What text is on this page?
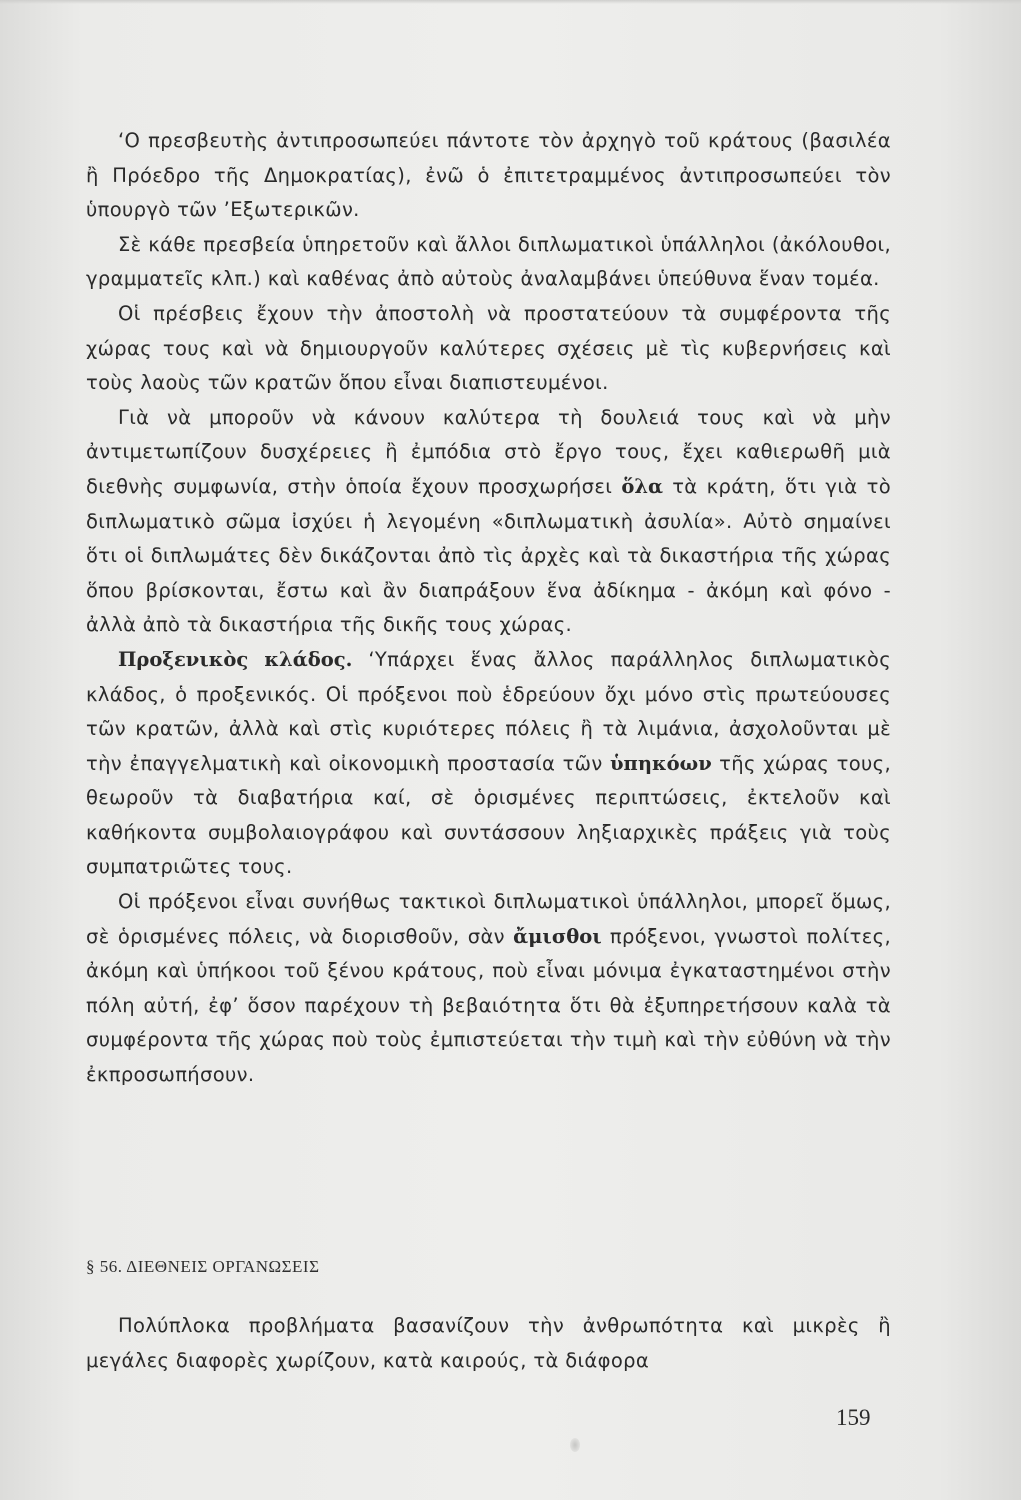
‘Ο πρεσβευτὴς ἀντιπροσωπεύει πάντοτε τὸν ἀρχηγὸ τοῦ κράτους (βασιλέα ἢ Πρόεδρο τῆς Δημοκρατίας), ἐνῶ ὁ ἐπιτετραμμένος ἀντιπροσωπεύει τὸν ὑπουργὸ τῶν ’Εξωτερικῶν.

Σὲ κάθε πρεσβεία ὑπηρετοῦν καὶ ἄλλοι διπλωματικοὶ ὑπάλληλοι (ἀκόλουθοι, γραμματεῖς κλπ.) καὶ καθένας ἀπὸ αὐτοὺς ἀναλαμβάνει ὑπεύθυνα ἕναν τομέα.

Οἱ πρέσβεις ἔχουν τὴν ἀποστολὴ νὰ προστατεύουν τὰ συμφέροντα τῆς χώρας τους καὶ νὰ δημιουργοῦν καλύτερες σχέσεις μὲ τὶς κυβερνήσεις καὶ τοὺς λαοὺς τῶν κρατῶν ὅπου εἶναι διαπιστευμένοι.

Γιὰ νὰ μποροῦν νὰ κάνουν καλύτερα τὴ δουλειά τους καὶ νὰ μὴν ἀντιμετωπίζουν δυσχέρειες ἢ ἐμπόδια στὸ ἔργο τους, ἔχει καθιερωθῆ μιὰ διεθνὴς συμφωνία, στὴν ὁποία ἔχουν προσχωρήσει ὅλα τὰ κράτη, ὅτι γιὰ τὸ διπλωματικὸ σῶμα ἰσχύει ἡ λεγομένη «διπλωματικὴ ἀσυλία». Αὐτὸ σημαίνει ὅτι οἱ διπλωμάτες δὲν δικάζονται ἀπὸ τὶς ἀρχὲς καὶ τὰ δικαστήρια τῆς χώρας ὅπου βρίσκονται, ἔστω καὶ ἂν διαπράξουν ἕνα ἀδίκημα - ἀκόμη καὶ φόνο - ἀλλὰ ἀπὸ τὰ δικαστήρια τῆς δικῆς τους χώρας.

Προξενικὸς κλάδος. ‘Υπάρχει ἕνας ἄλλος παράλληλος διπλωματικὸς κλάδος, ὁ προξενικός. Οἱ πρόξενοι ποὺ ἑδρεύουν ὄχι μόνο στὶς πρωτεύουσες τῶν κρατῶν, ἀλλὰ καὶ στὶς κυριότερες πόλεις ἢ τὰ λιμάνια, ἀσχολοῦνται μὲ τὴν ἐπαγγελματικὴ καὶ οἰκονομικὴ προστασία τῶν ὑπηκόων τῆς χώρας τους, θεωροῦν τὰ διαβατήρια καί, σὲ ὁρισμένες περιπτώσεις, ἐκτελοῦν καὶ καθήκοντα συμβολαιογράφου καὶ συντάσσουν ληξιαρχικὲς πράξεις γιὰ τοὺς συμπατριῶτες τους.

Οἱ πρόξενοι εἶναι συνήθως τακτικοὶ διπλωματικοὶ ὑπάλληλοι, μπορεῖ ὅμως, σὲ ὁρισμένες πόλεις, νὰ διορισθοῦν, σὰν ἄμισθοι πρόξενοι, γνωστοὶ πολίτες, ἀκόμη καὶ ὑπήκοοι τοῦ ξένου κράτους, ποὺ εἶναι μόνιμα ἐγκαταστημένοι στὴν πόλη αὐτή, ἐφ’ ὅσον παρέχουν τὴ βεβαιότητα ὅτι θὰ ἐξυπηρετήσουν καλὰ τὰ συμφέροντα τῆς χώρας ποὺ τοὺς ἐμπιστεύεται τὴν τιμὴ καὶ τὴν εὐθύνη νὰ τὴν ἐκπροσωπήσουν.

§ 56. ΔΙΕΘΝΕΙΣ ΟΡΓΑΝΩΣΕΙΣ

Πολύπλοκα προβλήματα βασανίζουν τὴν ἀνθρωπότητα καὶ μικρὲς ἢ μεγάλες διαφορὲς χωρίζουν, κατὰ καιρούς, τὰ διάφορα

159
